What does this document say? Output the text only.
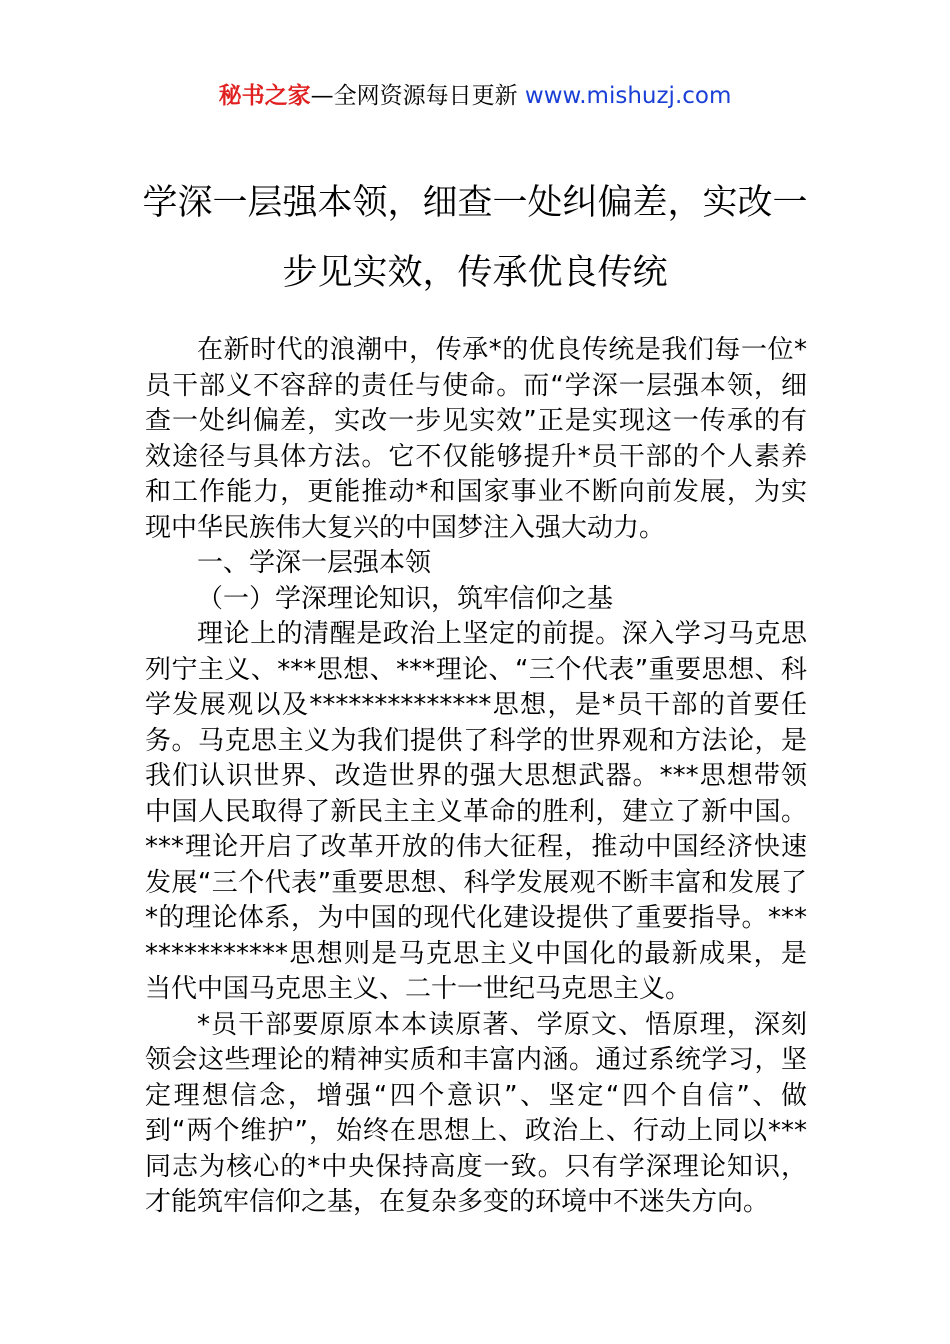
秘书之家—全网资源每日更新 www.mishuzj.com
学深一层强本领，细查一处纠偏差，实改一步见实效，传承优良传统

在新时代的浪潮中，传承*的优良传统是我们每一位*员干部义不容辞的责任与使命。而“学深一层强本领，细查一处纠偏差，实改一步见实效”正是实现这一传承的有效途径与具体方法。它不仅能够提升*员干部的个人素养和工作能力，更能推动*和国家事业不断向前发展，为实现中华民族伟大复兴的中国梦注入强大动力。

一、学深一层强本领

（一）学深理论知识，筑牢信仰之基

理论上的清醒是政治上坚定的前提。深入学习马克思列宁主义、***思想、***理论、“三个代表”重要思想、科学发展观以及**************思想，是*员干部的首要任务。马克思主义为我们提供了科学的世界观和方法论，是我们认识世界、改造世界的强大思想武器。***思想带领中国人民取得了新民主主义革命的胜利，建立了新中国。***理论开启了改革开放的伟大征程，推动中国经济快速发展“三个代表”重要思想、科学发展观不断丰富和发展了*的理论体系，为中国的现代化建设提供了重要指导。**************思想则是马克思主义中国化的最新成果，是当代中国马克思主义、二十一世纪马克思主义。

*员干部要原原本本读原著、学原文、悟原理，深刻领会这些理论的精神实质和丰富内涵。通过系统学习，坚定理想信念，增强“四个意识”、坚定“四个自信”、做到“两个维护”，始终在思想上、政治上、行动上同以***同志为核心的*中央保持高度一致。只有学深理论知识，才能筑牢信仰之基，在复杂多变的环境中不迷失方向。
